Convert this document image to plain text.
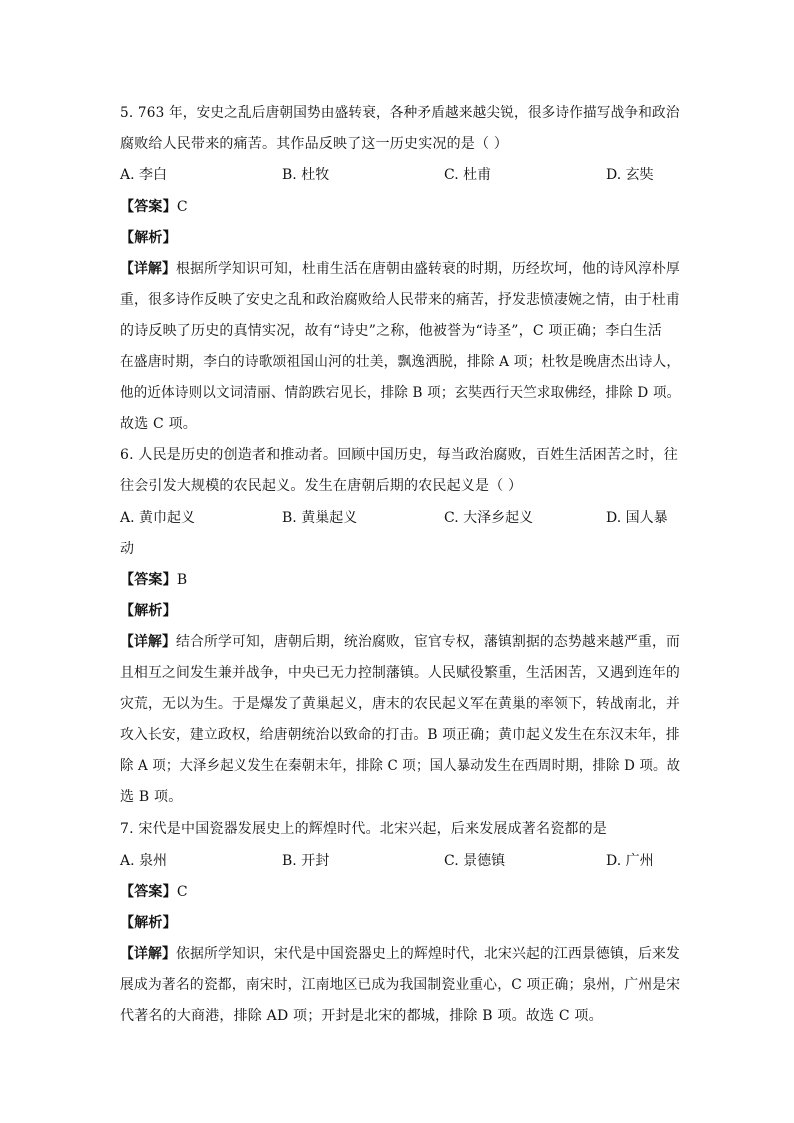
5. 763 年，安史之乱后唐朝国势由盛转衰，各种矛盾越来越尖锐，很多诗作描写战争和政治
腐败给人民带来的痛苦。其作品反映了这一历史实况的是（ ）
A. 李白	B. 杜牧	C. 杜甫	D. 玄奘
【答案】C
【解析】
【详解】根据所学知识可知，杜甫生活在唐朝由盛转衰的时期，历经坎坷，他的诗风淳朴厚
重，很多诗作反映了安史之乱和政治腐败给人民带来的痛苦，抒发悲愤凄婉之情，由于杜甫
的诗反映了历史的真情实况，故有“诗史”之称，他被誉为“诗圣”，C 项正确；李白生活
在盛唐时期，李白的诗歌颂祖国山河的壮美，飘逸洒脱，排除 A 项；杜牧是晚唐杰出诗人，
他的近体诗则以文词清丽、情韵跌宕见长，排除 B 项；玄奘西行天竺求取佛经，排除 D 项。
故选 C 项。
6. 人民是历史的创造者和推动者。回顾中国历史，每当政治腐败，百姓生活困苦之时，往
往会引发大规模的农民起义。发生在唐朝后期的农民起义是（ ）
A. 黄巾起义	B. 黄巢起义	C. 大泽乡起义	D. 国人暴
动
【答案】B
【解析】
【详解】结合所学可知，唐朝后期，统治腐败，宦官专权，藩镇割据的态势越来越严重，而
且相互之间发生兼并战争，中央已无力控制藩镇。人民赋役繁重，生活困苦，又遇到连年的
灾荒，无以为生。于是爆发了黄巢起义，唐末的农民起义军在黄巢的率领下，转战南北，并
攻入长安，建立政权，给唐朝统治以致命的打击。B 项正确；黄巾起义发生在东汉末年，排
除 A 项；大泽乡起义发生在秦朝末年，排除 C 项；国人暴动发生在西周时期，排除 D 项。故
选 B 项。
7. 宋代是中国瓷器发展史上的辉煌时代。北宋兴起，后来发展成著名瓷都的是
A. 泉州	B. 开封	C. 景德镇	D. 广州
【答案】C
【解析】
【详解】依据所学知识，宋代是中国瓷器史上的辉煌时代，北宋兴起的江西景德镇，后来发
展成为著名的瓷都，南宋时，江南地区已成为我国制瓷业重心，C 项正确；泉州，广州是宋
代著名的大商港，排除 AD 项；开封是北宋的都城，排除 B 项。故选 C 项。
